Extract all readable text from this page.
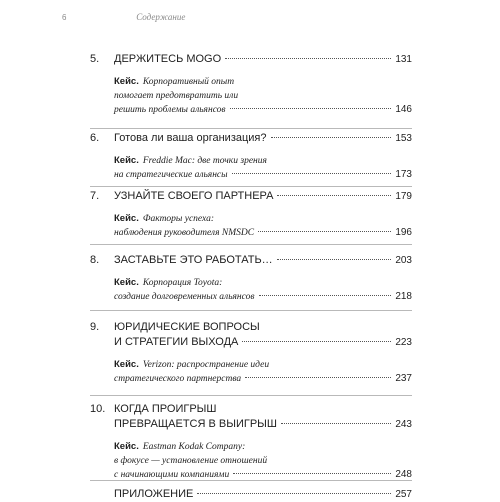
6	Содержание
5.	ДЕРЖИТЕСЬ MOGO	131
Кейс. Корпоративный опыт
помогает предотвратить или
решить проблемы альянсов	146
6.	Готова ли ваша организация?	153
Кейс. Freddie Mac: две точки зрения
на стратегические альянсы	173
7.	УЗНАЙТЕ СВОЕГО ПАРТНЕРА	179
Кейс. Факторы успеха:
наблюдения руководителя NMSDC	196
8.	ЗАСТАВЬТЕ ЭТО РАБОТАТЬ…	203
Кейс. Корпорация Toyota:
создание долговременных альянсов	218
9.	ЮРИДИЧЕСКИЕ ВОПРОСЫ
И СТРАТЕГИИ ВЫХОДА	223
Кейс. Verizon: распространение идеи
стратегического партнерства	237
10. КОГДА ПРОИГРЫШ
ПРЕВРАЩАЕТСЯ В ВЫИГРЫШ	243
Кейс. Eastman Kodak Company:
в фокусе — установление отношений
с начинающими компаниями	248
ПРИЛОЖЕНИЕ	257
